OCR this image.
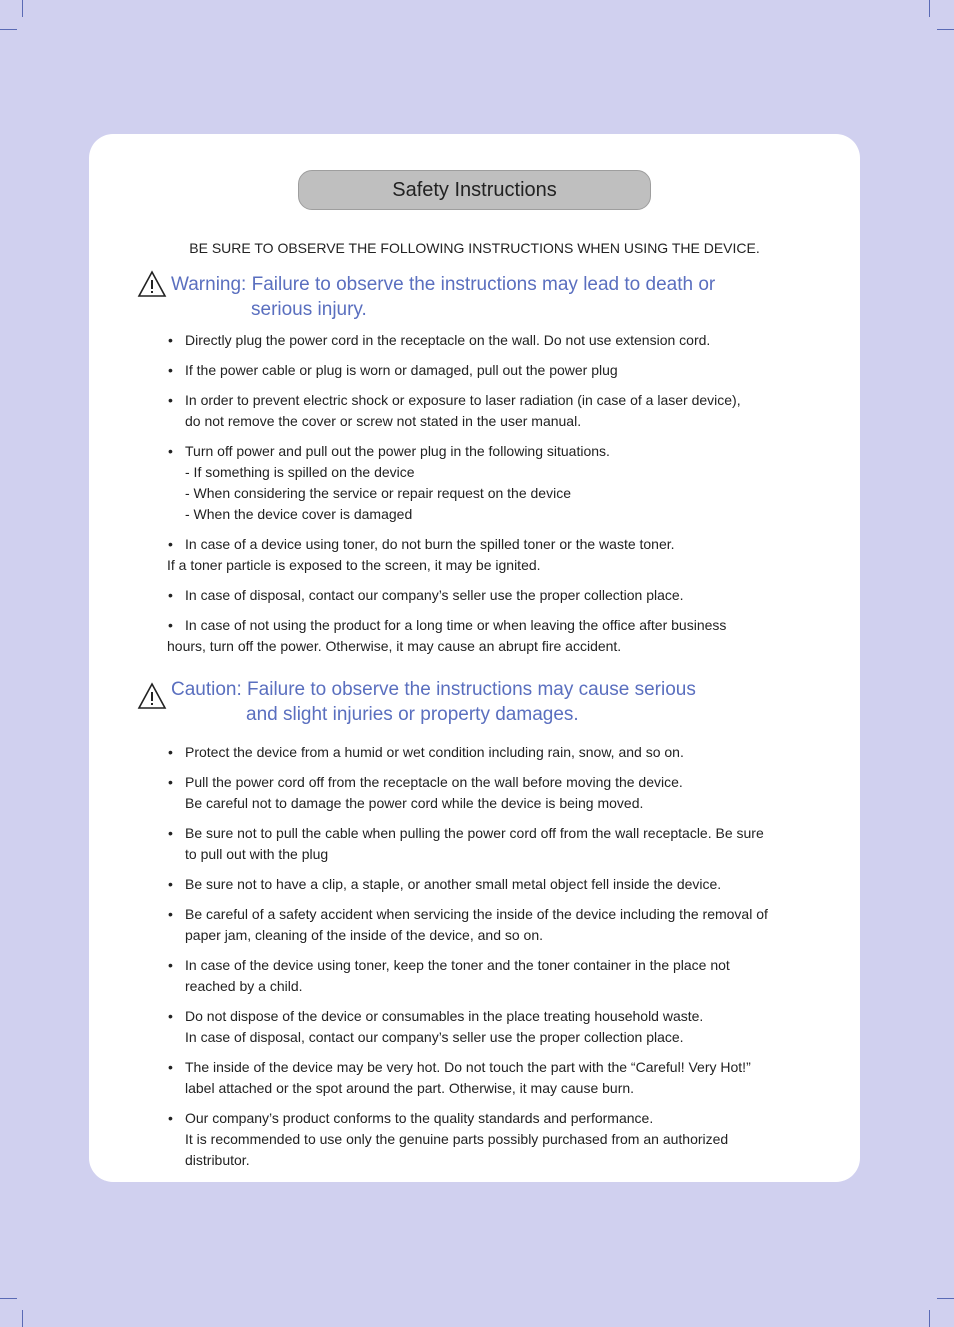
Safety Instructions
BE SURE TO OBSERVE THE FOLLOWING INSTRUCTIONS WHEN USING THE DEVICE.
Warning: Failure to observe the instructions may lead to death or
serious injury.
• Directly plug the power cord in the receptacle on the wall. Do not use extension cord.
• If the power cable or plug is worn or damaged, pull out the power plug
• In order to prevent electric shock or exposure to laser radiation (in case of a laser device),
do not remove the cover or screw not stated in the user manual.
• Turn off power and pull out the power plug in the following situations.
- If something is spilled on the device
- When considering the service or repair request on the device
- When the device cover is damaged
• In case of a device using toner, do not burn the spilled toner or the waste toner.
If a toner particle is exposed to the screen, it may be ignited.
• In case of disposal, contact our company’s seller use the proper collection place.
• In case of not using the product for a long time or when leaving the office after business
hours, turn off the power. Otherwise, it may cause an abrupt fire accident.
Caution: Failure to observe the instructions may cause serious
and slight injuries or property damages.
• Protect the device from a humid or wet condition including rain, snow, and so on.
• Pull the power cord off from the receptacle on the wall before moving the device.
Be careful not to damage the power cord while the device is being moved.
• Be sure not to pull the cable when pulling the power cord off from the wall receptacle. Be sure
to pull out with the plug
• Be sure not to have a clip, a staple, or another small metal object fell inside the device.
• Be careful of a safety accident when servicing the inside of the device including the removal of
paper jam, cleaning of the inside of the device, and so on.
• In case of the device using toner, keep the toner and the toner container in the place not
reached by a child.
• Do not dispose of the device or consumables in the place treating household waste.
In case of disposal, contact our company’s seller use the proper collection place.
• The inside of the device may be very hot. Do not touch the part with the “Careful! Very Hot!”
label attached or the spot around the part. Otherwise, it may cause burn.
• Our company’s product conforms to the quality standards and performance.
It is recommended to use only the genuine parts possibly purchased from an authorized
distributor.
